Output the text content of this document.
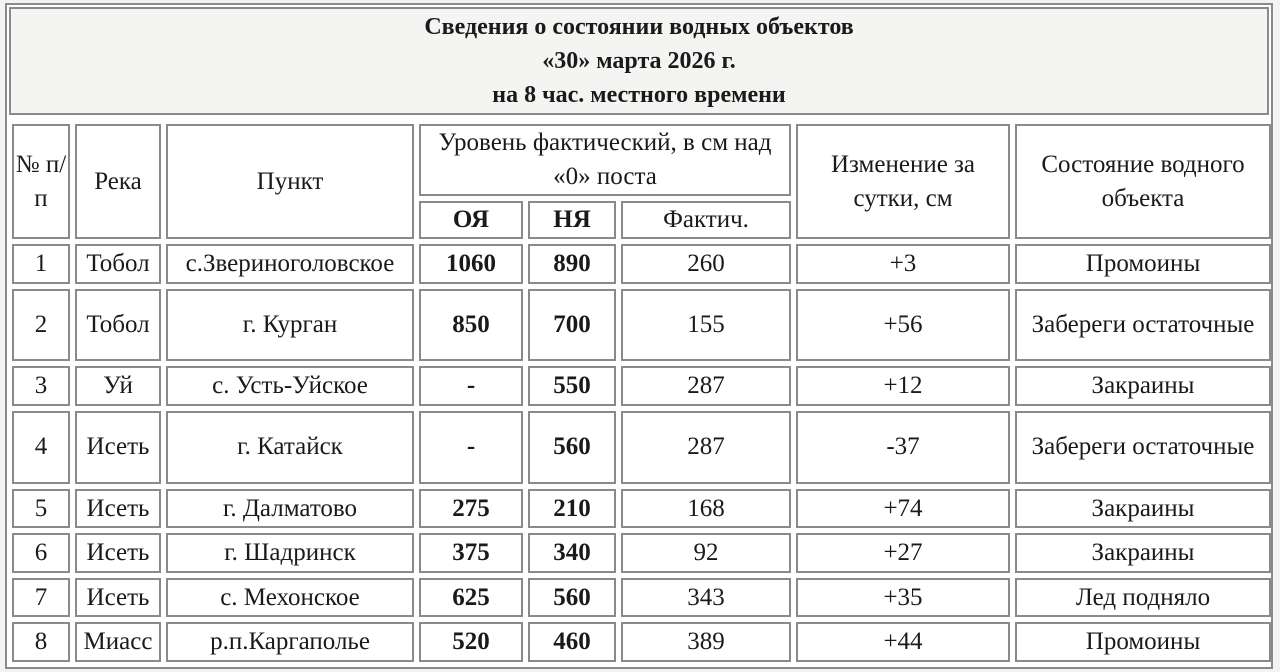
Сведения о состоянии водных объектов
«30» марта 2026 г.
на 8 час. местного времени
№ п/п	Река	Пункт	Уровень фактический, в см над «0» поста			Изменение за сутки, см	Состояние водного объекта
			ОЯ	НЯ	Фактич.		
1	Тобол	с.Звериноголовское	1060	890	260	+3	Промоины
2	Тобол	г. Курган	850	700	155	+56	Забереги остаточные
3	Уй	с. Усть-Уйское	-	550	287	+12	Закраины
4	Исеть	г. Катайск	-	560	287	-37	Забереги остаточные
5	Исеть	г. Далматово	275	210	168	+74	Закраины
6	Исеть	г. Шадринск	375	340	92	+27	Закраины
7	Исеть	с. Мехонское	625	560	343	+35	Лед подняло
8	Миасс	р.п.Каргаполье	520	460	389	+44	Промоины
